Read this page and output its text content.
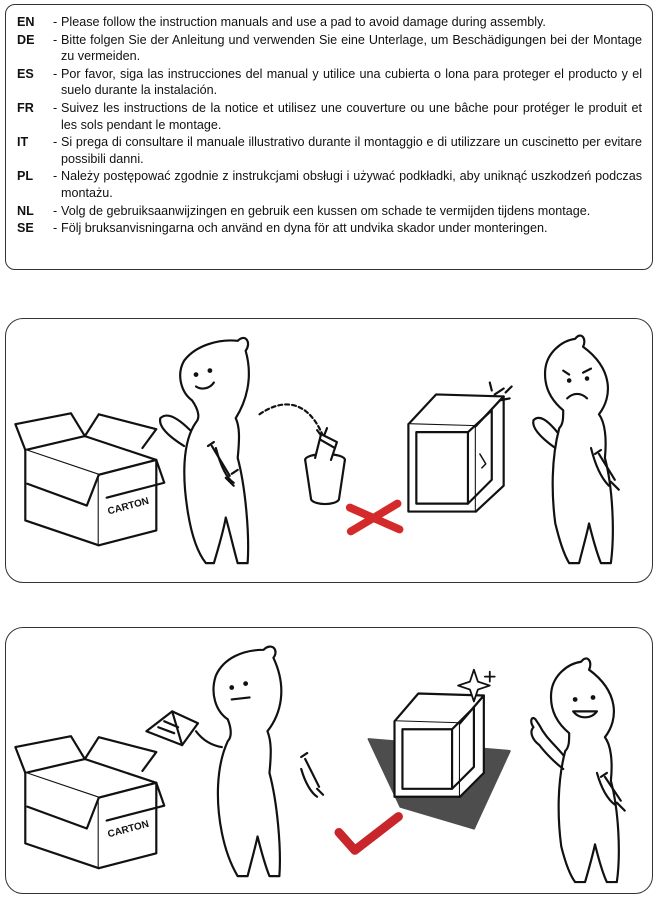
EN	- Please follow the instruction manuals and use a pad to avoid damage during assembly.
DE	- Bitte folgen Sie der Anleitung und verwenden Sie eine Unterlage, um Beschädigungen bei der Montage zu vermeiden.
ES	- Por favor, siga las instrucciones del manual y utilice una cubierta o lona para proteger el producto y el suelo durante la instalación.
FR	- Suivez les instructions de la notice et utilisez une couverture ou une bâche pour protéger le produit et les sols pendant le montage.
IT	- Si prega di consultare il manuale illustrativo durante il montaggio e di utilizzare un cuscinetto per evitare possibili danni.
PL	- Należy postępować zgodnie z instrukcjami obsługi i używać podkładki, aby uniknąć uszkodzeń podczas montażu.
NL	- Volg de gebruiksaanwijzingen en gebruik een kussen om schade te vermijden tijdens montage.
SE	- Följ bruksanvisningarna och använd en dyna för att undvika skador under monteringen.
CARTON
CARTON
